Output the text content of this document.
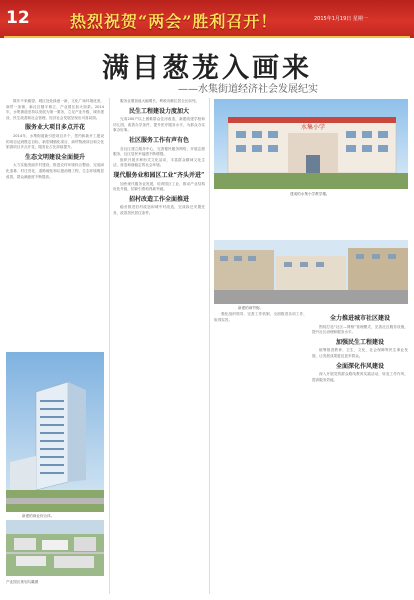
12	热烈祝贺“两会”胜利召开！	2015年1月19日 星期一
满目葱茏入画来
——水集街道经济社会发展纪实

数年不来瞻望，城区处处绿意一新，文化广场环境优美，商贸一条街、新社区楼宇林立、产业园区如火如荼。2014年，水集街道坚持以发展为第一要务，立足产业升级、城市建设、民生改善和社会管理，经济社会发展呈现出可喜局面。

服务业大项目多点开花

2014年，水集街道新引进项目多个，签约和新开工建设的项目达到既定目标，新型城镇化项目、商贸物流项目和文化旅游项目多点开花，服务业占比持续提升。

生态文明建设全面提升

大力实施美丽乡村建设，推进农村环境综合整治，完成绿化造林、村庄亮化、道路硬化和垃圾治理工程，生态环境明显改善，群众满意度不断提高。

新建的商业综合体。
产业园区规划鸟瞰图

服务业增加值大幅增长，利税贡献位居全区前列。

民生工程建设力度加大

完成200户以上困难群众住房改造，新建改建学校和幼儿园，改善办学条件，提升医疗服务水平，为群众办实事办好事。

社区服务工作有声有色

各社区建立服务中心，完善便民服务网络，开展志愿服务，社区居民幸福感不断增强。

组织开展多种形式文化活动，丰富群众精神文化生活，营造和谐稳定的社会环境。

现代服务业和园区工业“齐头并进”

加快现代服务业发展，培育园区工业，推动产业结构优化升级，招商引资取得新突破。

招村改造工作全面推进

稳妥推进旧村改造和城中村改造，完成拆迁安置任务，改善居民居住条件。

水集小学
建成的水集小学教学楼。
新建的商贸街。

强化组织领导，完善工作机制，全面推进各项工作，取得实效。	全力推进城市社区建设

围绕打造“社区—网格”管理模式，完善社区服务设施，提升社区治理和服务水平。

加强民生工程建设

统筹推进教育、卫生、文化、社会保障等民生事业发展，让发展成果惠及更多群众。

全面深化作风建设

深入开展党的群众路线教育实践活动，转变工作作风，提高服务效能。
